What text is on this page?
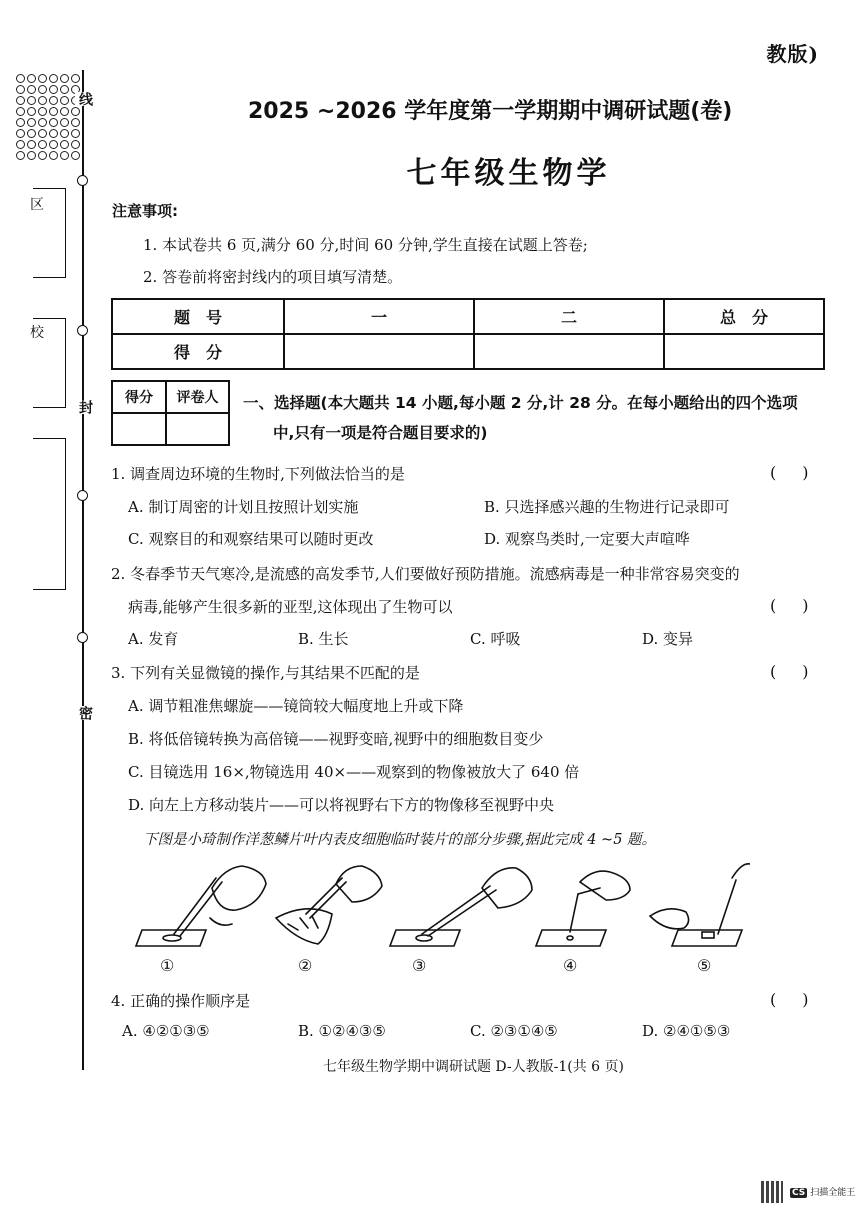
线
封
密
区
校
教版)
2025 ~2026 学年度第一学期期中调研试题(卷)
七年级生物学
注意事项:
1. 本试卷共 6 页,满分 60 分,时间 60 分钟,学生直接在试题上答卷;
2. 答卷前将密封线内的项目填写清楚。
题　号	一	二	总　分
得　分			
得分	评卷人
	一、选择题(本大题共 14 小题,每小题 2 分,计 28 分。在每小题给出的四个选项
中,只有一项是符合题目要求的)
1. 调查周边环境的生物时,下列做法恰当的是	()
A. 制订周密的计划且按照计划实施	B. 只选择感兴趣的生物进行记录即可
C. 观察目的和观察结果可以随时更改	D. 观察鸟类时,一定要大声喧哗
2. 冬春季节天气寒冷,是流感的高发季节,人们要做好预防措施。流感病毒是一种非常容易突变的
病毒,能够产生很多新的亚型,这体现出了生物可以	()
A. 发育	B. 生长	C. 呼吸	D. 变异
3. 下列有关显微镜的操作,与其结果不匹配的是	()
A. 调节粗准焦螺旋——镜筒较大幅度地上升或下降
B. 将低倍镜转换为高倍镜——视野变暗,视野中的细胞数目变少
C. 目镜选用 16×,物镜选用 40×——观察到的物像被放大了 640 倍
D. 向左上方移动装片——可以将视野右下方的物像移至视野中央
下图是小琦制作洋葱鳞片叶内表皮细胞临时装片的部分步骤,据此完成 4 ~5 题。
①	②	③	④	⑤
4. 正确的操作顺序是	()
A. ④②①③⑤	B. ①②④③⑤	C. ②③①④⑤	D. ②④①⑤③
七年级生物学期中调研试题 D-人教版-1(共 6 页)
CS 扫描全能王
